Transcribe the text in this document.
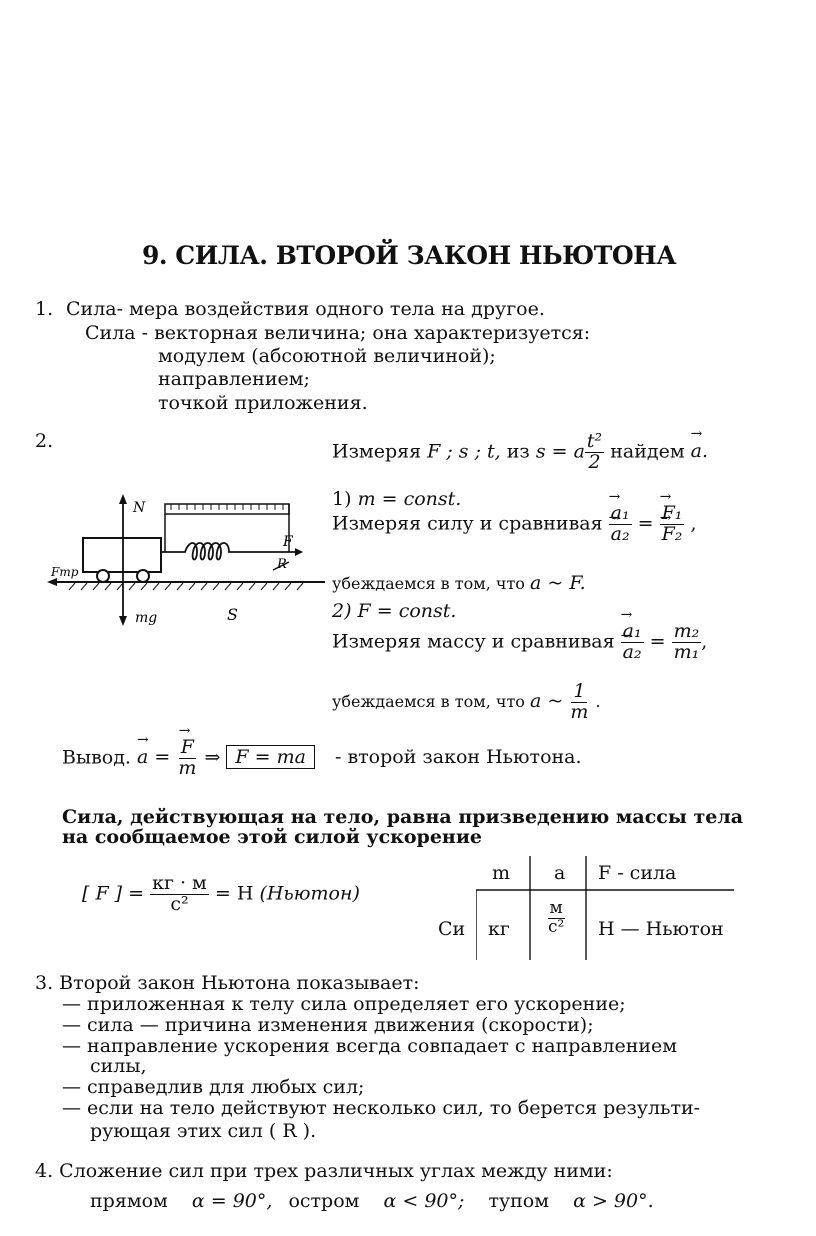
9. СИЛА. ВТОРОЙ ЗАКОН НЬЮТОНА
1. Сила- мера воздействия одного тела на другое.
Сила - векторная величина; она характеризуется:
модулем (абсоютной величиной);
направлением;
точкой приложения.
2.	Измеряя F ; s ; t, из s = a $\frac{\text{t²}}{2}$ найдем → a.
1) m = const.
Измеряя силу и сравнивая → a₁
→ a₂ = → F₁
→ F₂ ,
убеждаемся в том, что a ~ F.
2) F = const.
Измеряя массу и сравнивая → a₁
→ $a_2 = \frac{\text{m₂}}{\text{m₁}}$ ,
убеждаемся в том, что a ~ $\frac{1}{m}$ .
N
F
R
Fтр
mg	S
Вывод. → a = → $\frac{F}{m}$ ⇒ F = ma - второй закон Ньютона.
Сила, действующая на тело, равна призведению массы тела
на сообщаемое этой силой ускорение
[ F ] = $\frac{кг \cdot м}{\text{с²}} = Н$ (Ньютон)
m a F - сила
Си кг $\frac{м}{\text{с²}}$ Н — Ньютон
3. Второй закон Ньютона показывает:
— приложенная к телу сила определяет его ускорение;
— сила — причина изменения движения (скорости);
— направление ускорения всегда совпадает с направлением
силы,
— справедлив для любых сил;
— если на тело действуют несколько сил, то берется результи-
рующая этих сил ( R ).
4. Сложение сил при трех различных углах между ними:
прямом α = 90°, остром α < 90°; тупом α > 90°.
